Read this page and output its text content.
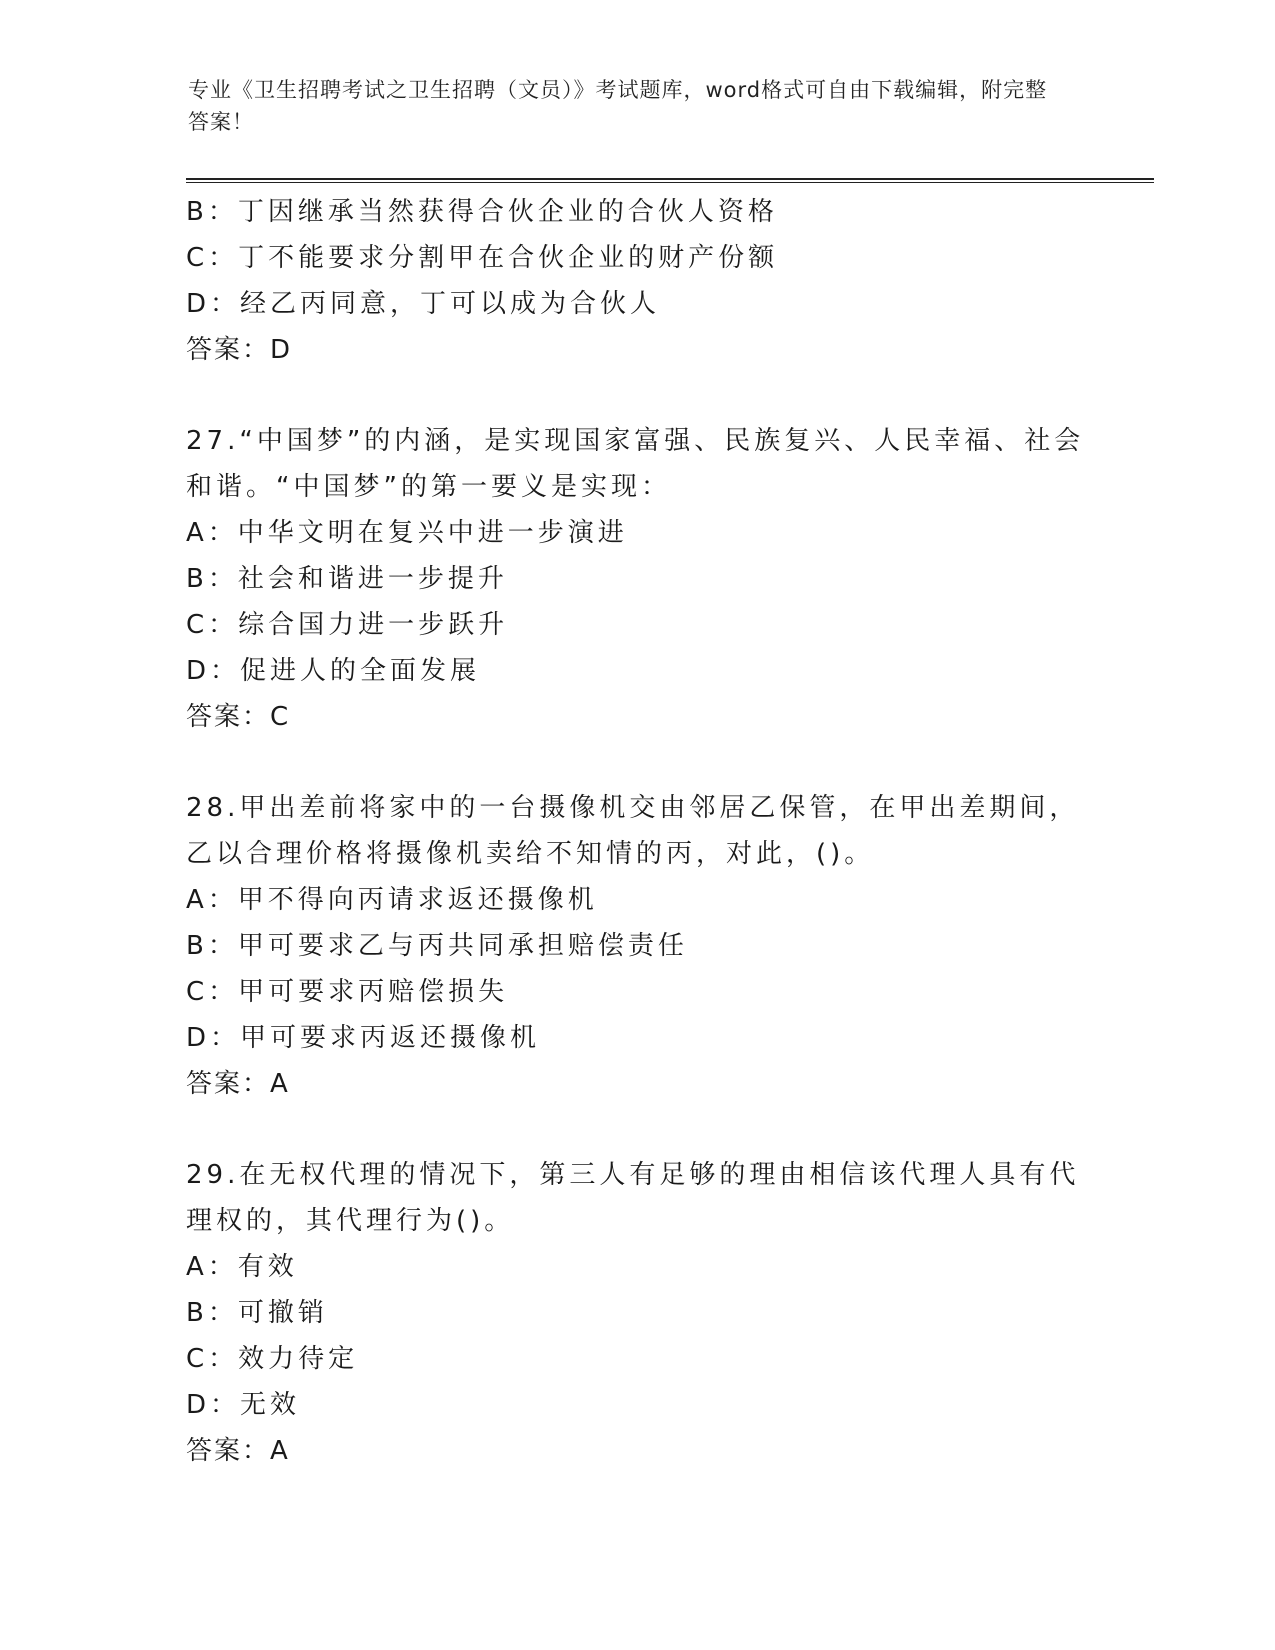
专业《卫生招聘考试之卫生招聘（文员）》考试题库，word格式可自由下载编辑，附完整答案！
B：丁因继承当然获得合伙企业的合伙人资格
C：丁不能要求分割甲在合伙企业的财产份额
D：经乙丙同意，丁可以成为合伙人
答案：D
27.“中国梦”的内涵，是实现国家富强、民族复兴、人民幸福、社会和谐。“中国梦”的第一要义是实现：
A：中华文明在复兴中进一步演进
B：社会和谐进一步提升
C：综合国力进一步跃升
D：促进人的全面发展
答案：C
28.甲出差前将家中的一台摄像机交由邻居乙保管，在甲出差期间，乙以合理价格将摄像机卖给不知情的丙，对此，()。
A：甲不得向丙请求返还摄像机
B：甲可要求乙与丙共同承担赔偿责任
C：甲可要求丙赔偿损失
D：甲可要求丙返还摄像机
答案：A
29.在无权代理的情况下，第三人有足够的理由相信该代理人具有代理权的，其代理行为()。
A：有效
B：可撤销
C：效力待定
D：无效
答案：A
